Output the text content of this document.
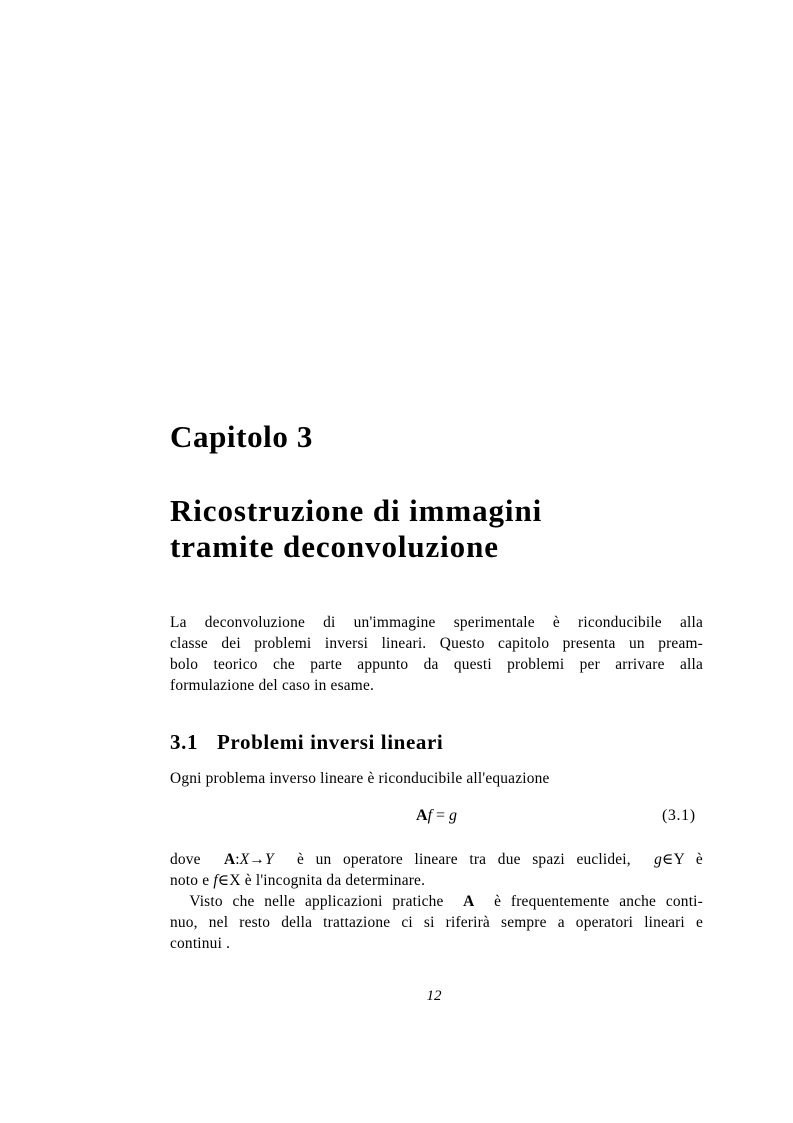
Capitolo 3
Ricostruzione di immagini
tramite deconvoluzione
La deconvoluzione di un'immagine sperimentale è riconducibile alla
classe dei problemi inversi lineari. Questo capitolo presenta un pream-
bolo teorico che parte appunto da questi problemi per arrivare alla
formulazione del caso in esame.
3.1 Problemi inversi lineari
Ogni problema inverso lineare è riconducibile all'equazione
Af = g	(3.1)
dove A:X→Y è un operatore lineare tra due spazi euclidei, g∈Y è
noto e f∈X è l'incognita da determinare.
Visto che nelle applicazioni pratiche A è frequentemente anche conti-
nuo, nel resto della trattazione ci si riferirà sempre a operatori lineari e
continui .
12
